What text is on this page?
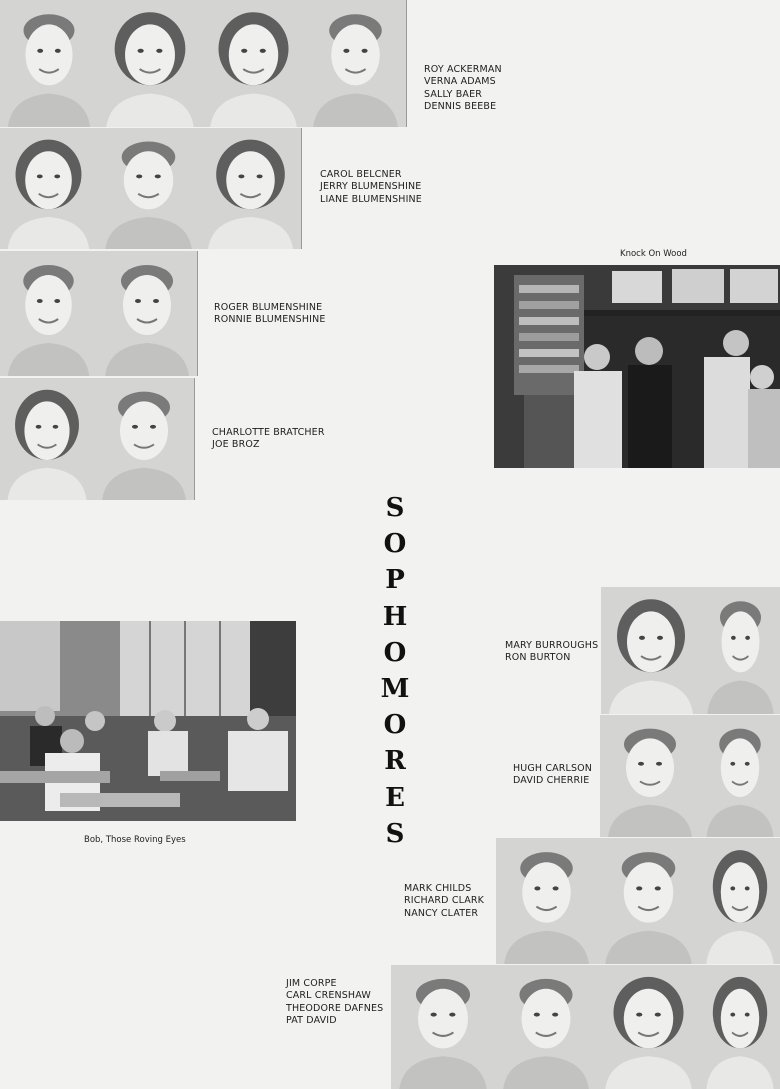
ROY ACKERMAN
VERNA ADAMS
SALLY BAER
DENNIS BEEBE
CAROL BELCNER
JERRY BLUMENSHINE
LIANE BLUMENSHINE
ROGER BLUMENSHINE
RONNIE BLUMENSHINE
CHARLOTTE BRATCHER
JOE BROZ
MARY BURROUGHS
RON BURTON
HUGH CARLSON
DAVID CHERRIE
MARK CHILDS
RICHARD CLARK
NANCY CLATER
JIM CORPE
CARL CRENSHAW
THEODORE DAFNES
PAT DAVID
Knock On Wood
Bob, Those Roving Eyes
S
O
P
H
O
M
O
R
E
S
